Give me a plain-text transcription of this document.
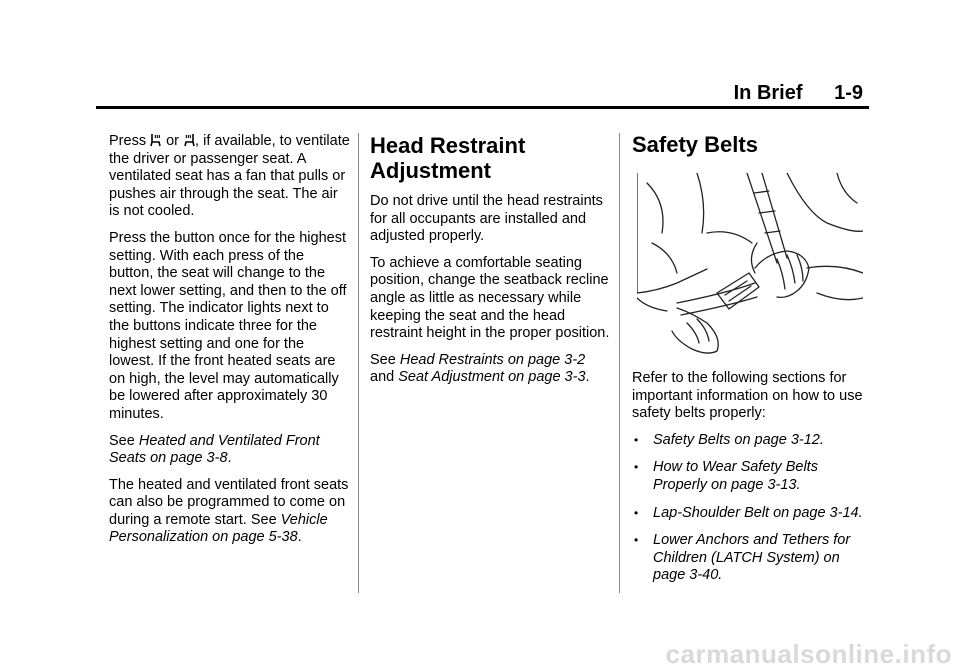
In Brief 1-9

Press  or , if available, to ventilate the driver or passenger seat. A ventilated seat has a fan that pulls or pushes air through the seat. The air is not cooled.

Press the button once for the highest setting. With each press of the button, the seat will change to the next lower setting, and then to the off setting. The indicator lights next to the buttons indicate three for the highest setting and one for the lowest. If the front heated seats are on high, the level may automatically be lowered after approximately 30 minutes.

See Heated and Ventilated Front Seats on page 3-8.

The heated and ventilated front seats can also be programmed to come on during a remote start. See Vehicle Personalization on page 5-38.

Head Restraint Adjustment

Do not drive until the head restraints for all occupants are installed and adjusted properly.

To achieve a comfortable seating position, change the seatback recline angle as little as necessary while keeping the seat and the head restraint height in the proper position.

See Head Restraints on page 3-2 and Seat Adjustment on page 3-3.

Safety Belts

Refer to the following sections for important information on how to use safety belts properly:

• Safety Belts on page 3-12.
• How to Wear Safety Belts Properly on page 3-13.
• Lap-Shoulder Belt on page 3-14.
• Lower Anchors and Tethers for Children (LATCH System) on page 3-40.
carmanualsonline.info
